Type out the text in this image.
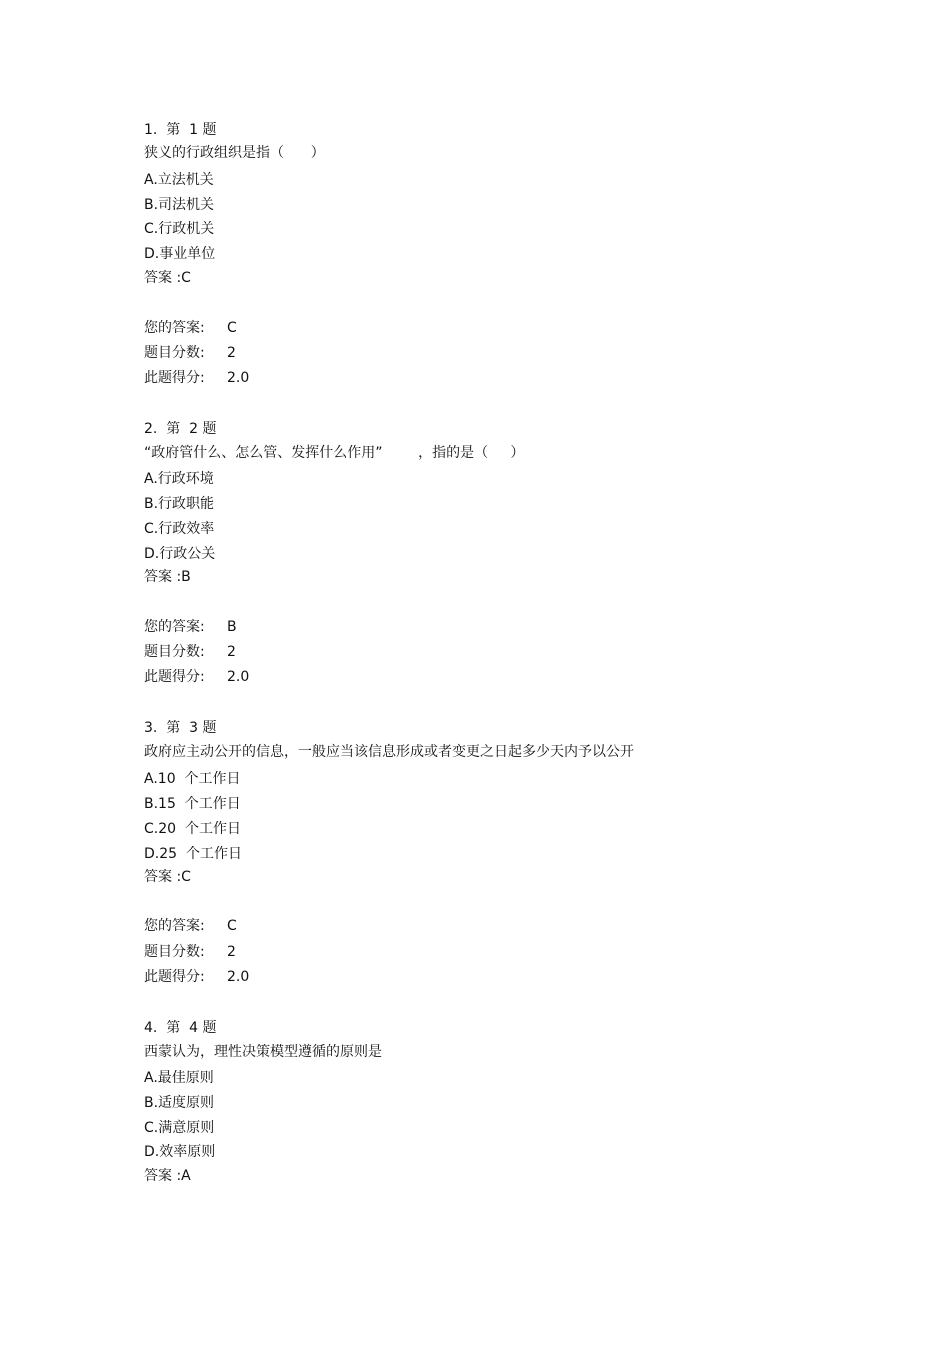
1.  第  1 题
狭义的行政组织是指（      ）
A.立法机关
B.司法机关
C.行政机关
D.事业单位
答案 :C
您的答案: C
题目分数: 2
此题得分: 2.0
2.  第  2 题
“政府管什么、怎么管、发挥什么作用”        ，指的是（     ）
A.行政环境
B.行政职能
C.行政效率
D.行政公关
答案 :B
您的答案: B
题目分数: 2
此题得分: 2.0
3.  第  3 题
政府应主动公开的信息，一般应当该信息形成或者变更之日起多少天内予以公开
A.10  个工作日
B.15  个工作日
C.20  个工作日
D.25  个工作日
答案 :C
您的答案: C
题目分数: 2
此题得分: 2.0
4.  第  4 题
西蒙认为，理性决策模型遵循的原则是
A.最佳原则
B.适度原则
C.满意原则
D.效率原则
答案 :A
